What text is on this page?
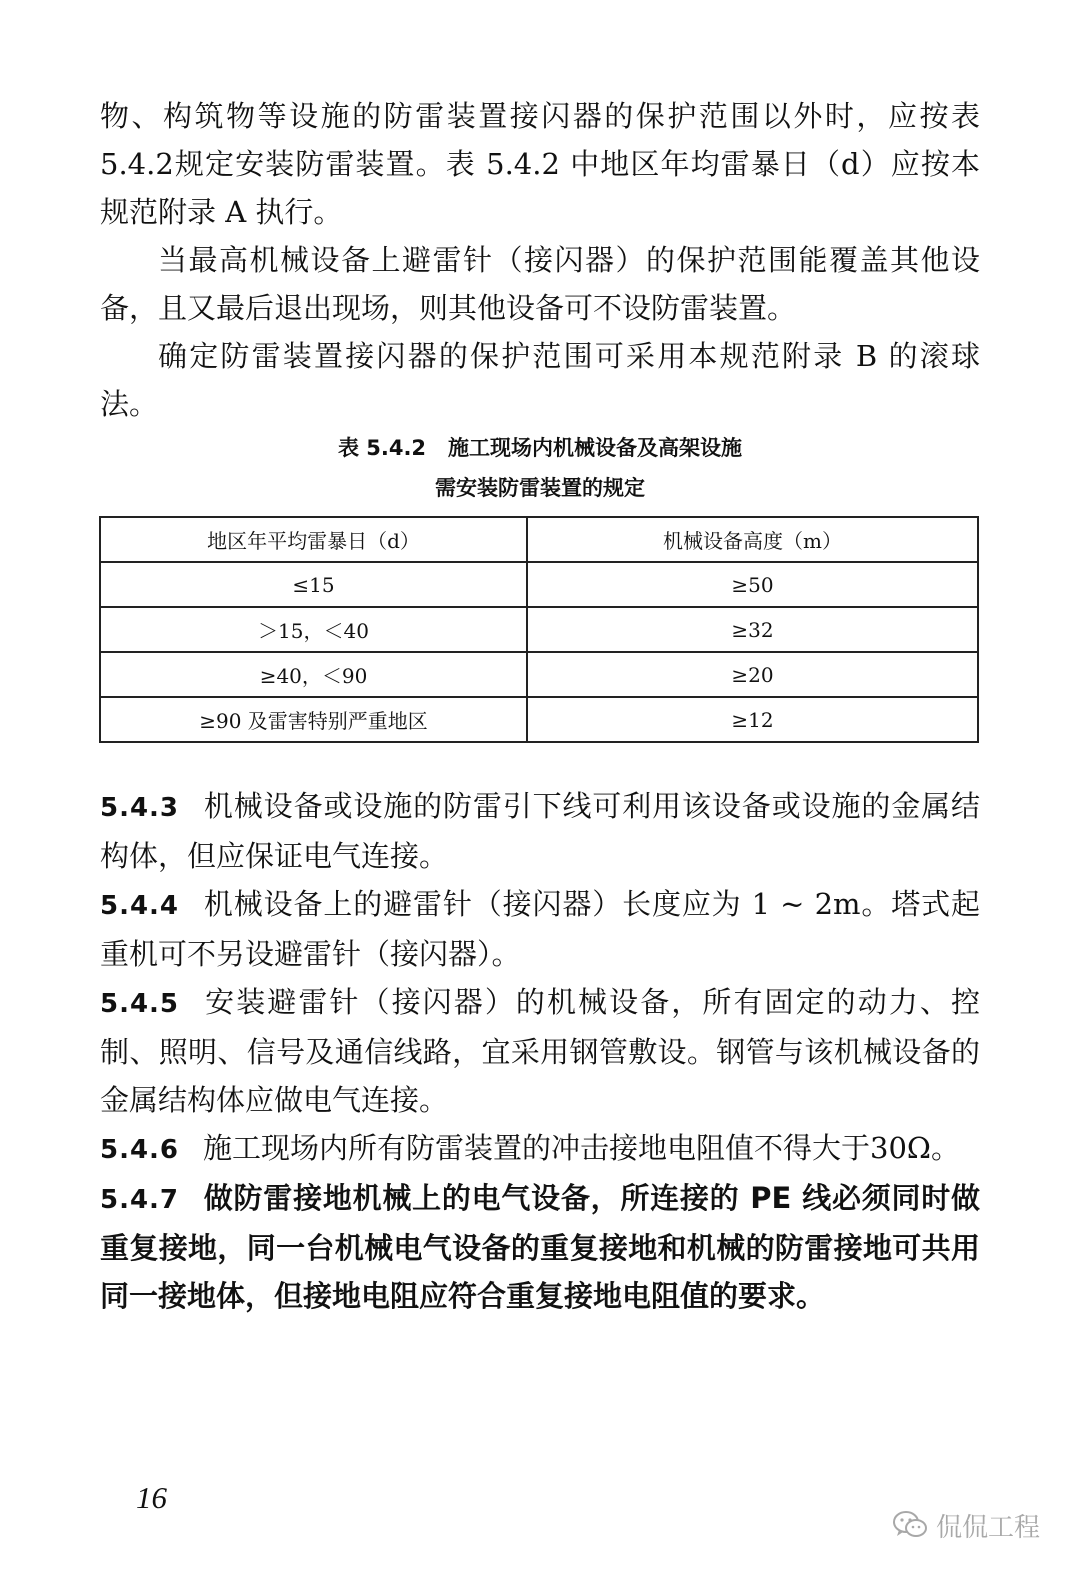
物、构筑物等设施的防雷装置接闪器的保护范围以外时，应按表 5.4.2规定安装防雷装置。表 5.4.2 中地区年均雷暴日（d）应按本规范附录 A 执行。

当最高机械设备上避雷针（接闪器）的保护范围能覆盖其他设备，且又最后退出现场，则其他设备可不设防雷装置。

确定防雷装置接闪器的保护范围可采用本规范附录 B 的滚球法。

表 5.4.2 施工现场内机械设备及高架设施
需安装防雷装置的规定
地区年平均雷暴日（d）	机械设备高度（m）
≤15	≥50
＞15，＜40	≥32
≥40，＜90	≥20
≥90 及雷害特别严重地区	≥12

5.4.3 机械设备或设施的防雷引下线可利用该设备或设施的金属结构体，但应保证电气连接。

5.4.4 机械设备上的避雷针（接闪器）长度应为 1 ~ 2m。塔式起重机可不另设避雷针（接闪器）。

5.4.5 安装避雷针（接闪器）的机械设备，所有固定的动力、控制、照明、信号及通信线路，宜采用钢管敷设。钢管与该机械设备的金属结构体应做电气连接。

5.4.6 施工现场内所有防雷装置的冲击接地电阻值不得大于30Ω。

5.4.7 做防雷接地机械上的电气设备，所连接的 PE 线必须同时做重复接地，同一台机械电气设备的重复接地和机械的防雷接地可共用同一接地体，但接地电阻应符合重复接地电阻值的要求。

16
侃侃工程
